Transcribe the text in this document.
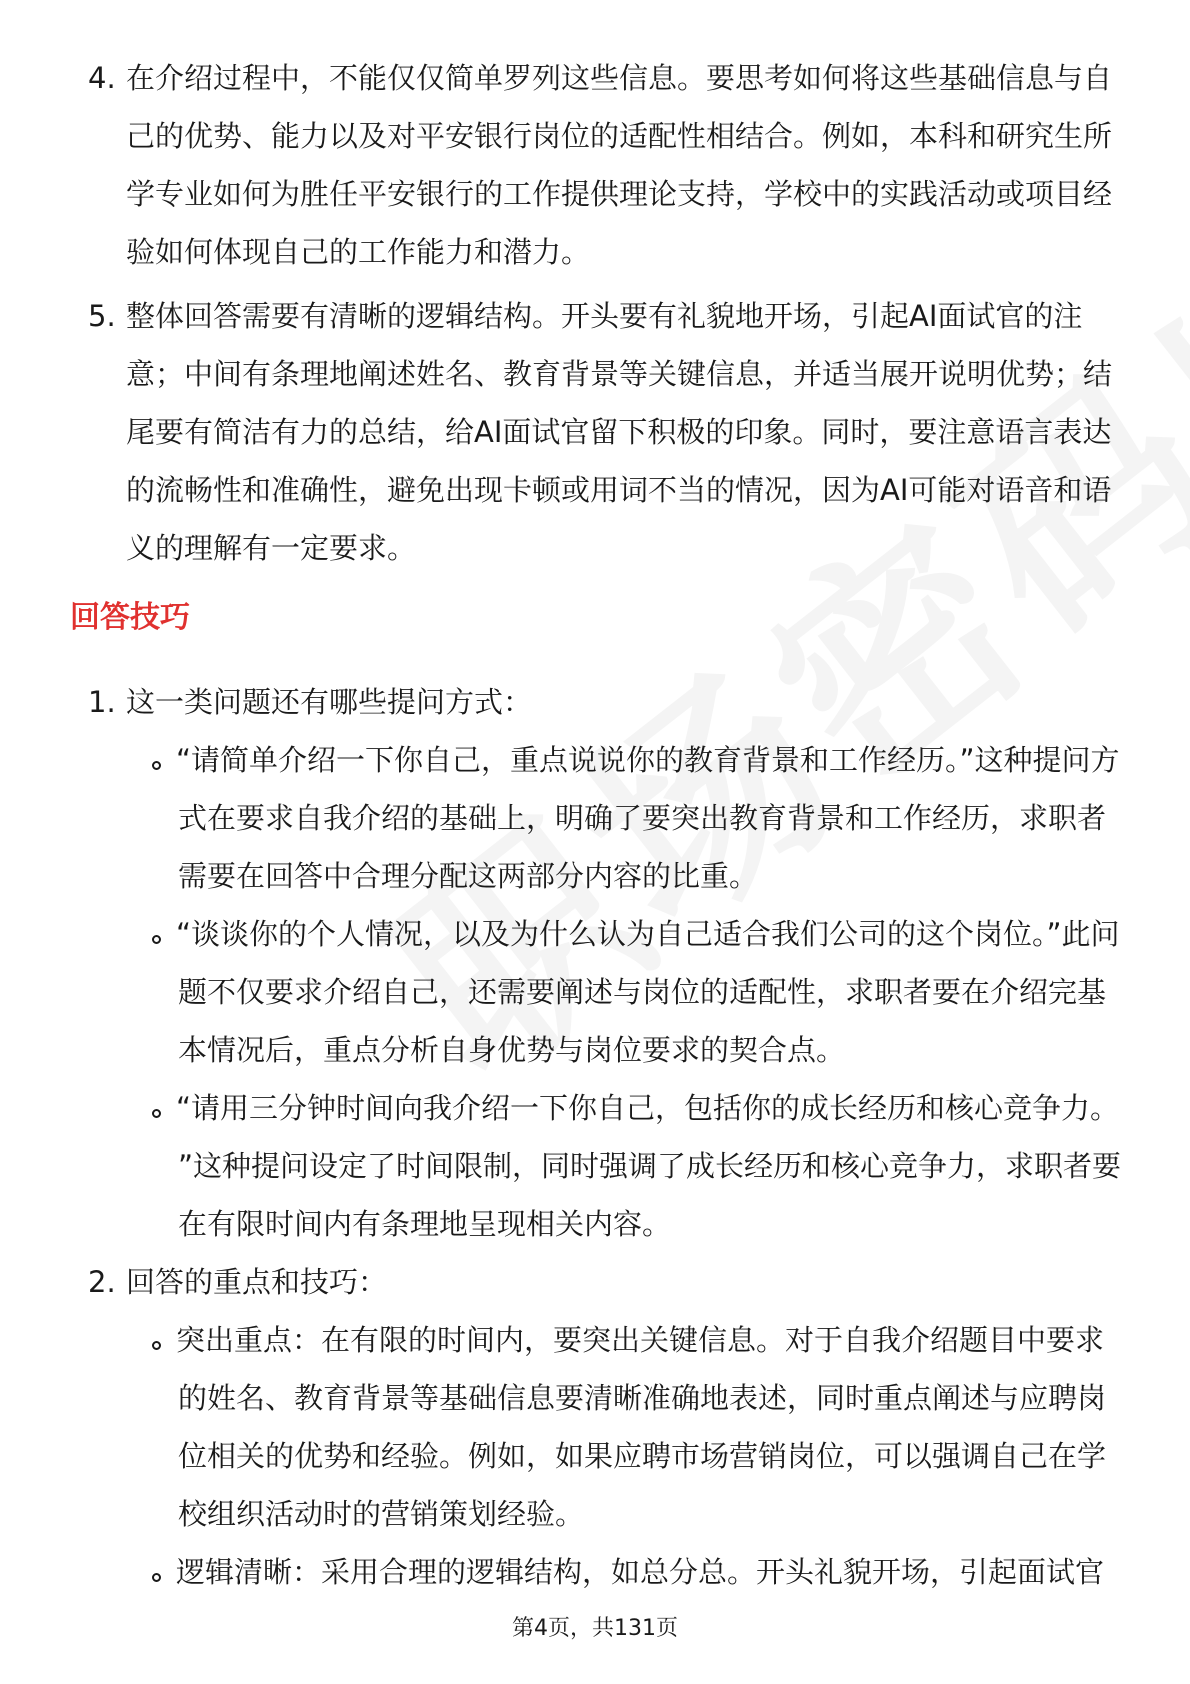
4. 在介绍过程中，不能仅仅简单罗列这些信息。要思考如何将这些基础信息与自
己的优势、能力以及对平安银行岗位的适配性相结合。例如，本科和研究生所
学专业如何为胜任平安银行的工作提供理论支持，学校中的实践活动或项目经
验如何体现自己的工作能力和潜力。
5. 整体回答需要有清晰的逻辑结构。开头要有礼貌地开场，引起AI面试官的注
意；中间有条理地阐述姓名、教育背景等关键信息，并适当展开说明优势；结
尾要有简洁有力的总结，给AI面试官留下积极的印象。同时，要注意语言表达
的流畅性和准确性，避免出现卡顿或用词不当的情况，因为AI可能对语音和语
义的理解有一定要求。
回答技巧
1. 这一类问题还有哪些提问方式：
“请简单介绍一下你自己，重点说说你的教育背景和工作经历。”这种提问方
式在要求自我介绍的基础上，明确了要突出教育背景和工作经历，求职者
需要在回答中合理分配这两部分内容的比重。
“谈谈你的个人情况，以及为什么认为自己适合我们公司的这个岗位。”此问
题不仅要求介绍自己，还需要阐述与岗位的适配性，求职者要在介绍完基
本情况后，重点分析自身优势与岗位要求的契合点。
“请用三分钟时间向我介绍一下你自己，包括你的成长经历和核心竞争力。
”这种提问设定了时间限制，同时强调了成长经历和核心竞争力，求职者要
在有限时间内有条理地呈现相关内容。
2. 回答的重点和技巧：
突出重点：在有限的时间内，要突出关键信息。对于自我介绍题目中要求
的姓名、教育背景等基础信息要清晰准确地表述，同时重点阐述与应聘岗
位相关的优势和经验。例如，如果应聘市场营销岗位，可以强调自己在学
校组织活动时的营销策划经验。
逻辑清晰：采用合理的逻辑结构，如总分总。开头礼貌开场，引起面试官
第4页，共131页
